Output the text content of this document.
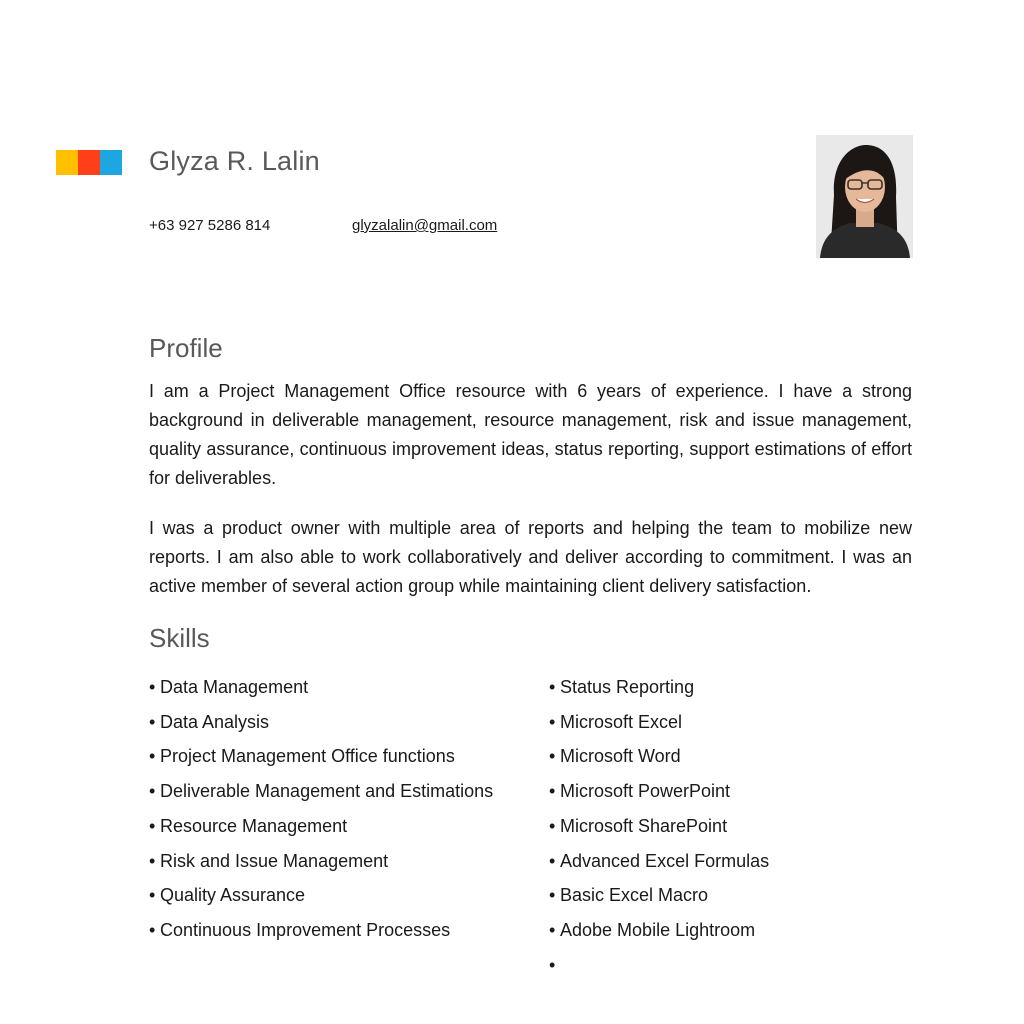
Glyza R. Lalin
+63 927 5286 814	glyzalalin@gmail.com
Profile

I am a Project Management Office resource with 6 years of experience. I have a strong background in deliverable management, resource management, risk and issue management, quality assurance, continuous improvement ideas, status reporting, support estimations of effort for deliverables.

I was a product owner with multiple area of reports and helping the team to mobilize new reports. I am also able to work collaboratively and deliver according to commitment. I was an active member of several action group while maintaining client delivery satisfaction.

Skills
• Data Management
• Data Analysis
• Project Management Office functions
• Deliverable Management and Estimations
• Resource Management
• Risk and Issue Management
• Quality Assurance
• Continuous Improvement Processes
• Status Reporting
• Microsoft Excel
• Microsoft Word
• Microsoft PowerPoint
• Microsoft SharePoint
• Advanced Excel Formulas
• Basic Excel Macro
• Adobe Mobile Lightroom
•
